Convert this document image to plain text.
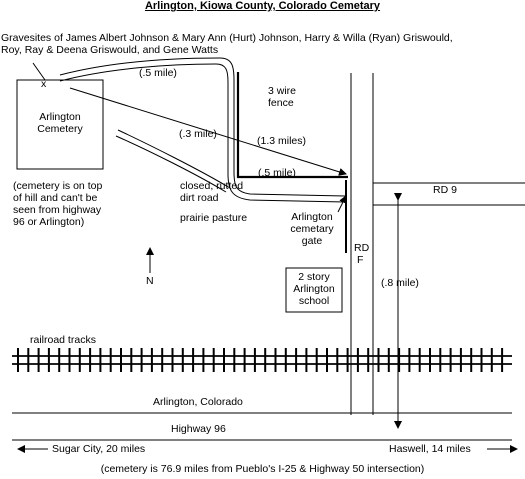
Arlington, Kiowa County, Colorado Cemetary
Gravesites of James Albert Johnson & Mary Ann (Hurt) Johnson, Harry & Willa (Ryan) Griswould,
Roy, Ray & Deena Griswould, and Gene Watts
x
Arlington
Cemetery
(cemetery is on top
of hill and can't be
seen from highway
96 or Arlington)
(.5 mile)
(.3 mile)
(1.3 miles)
(.5 mile)
(.8 mile)
3 wire
fence
closed, rutted
dirt road
prairie pasture	Arlington
cemetary
gate
RD 9
RD
F
N	2 story
Arlington
school
railroad tracks
Arlington, Colorado
Highway 96
Sugar City, 20 miles	Haswell, 14 miles
(cemetery is 76.9 miles from Pueblo's I-25 & Highway 50 intersection)
